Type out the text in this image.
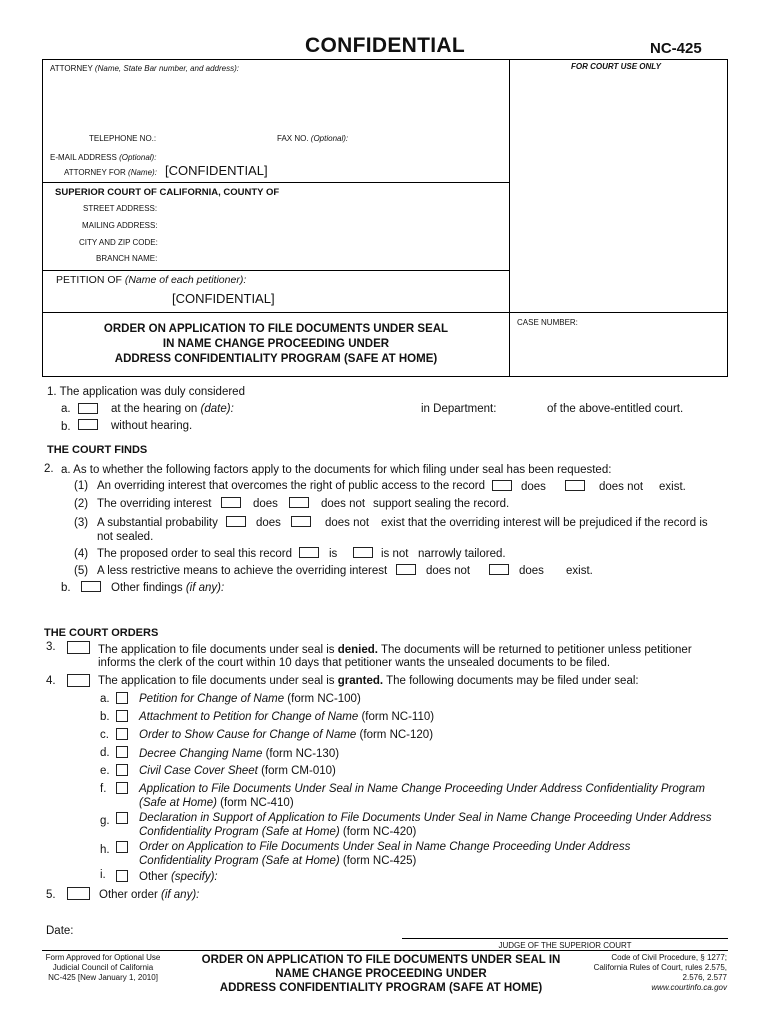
CONFIDENTIAL	NC-425
FOR COURT USE ONLY
ATTORNEY (Name, State Bar number, and address):
TELEPHONE NO.:	FAX NO. (Optional):
E-MAIL ADDRESS (Optional):
ATTORNEY FOR (Name): [CONFIDENTIAL]
SUPERIOR COURT OF CALIFORNIA, COUNTY OF
STREET ADDRESS:
MAILING ADDRESS:
CITY AND ZIP CODE:
BRANCH NAME:
PETITION OF (Name of each petitioner):
[CONFIDENTIAL]
ORDER ON APPLICATION TO FILE DOCUMENTS UNDER SEAL
IN NAME CHANGE PROCEEDING UNDER
ADDRESS CONFIDENTIALITY PROGRAM (SAFE AT HOME)
CASE NUMBER:
1. The application was duly considered
a.	at the hearing on (date):	in Department:	of the above-entitled court.
b.	without hearing.
THE COURT FINDS
2. a. As to whether the following factors apply to the documents for which filing under seal has been requested:
(1) An overriding interest that overcomes the right of public access to the record	does	does not exist.
(2) The overriding interest	does	does not support sealing the record.
(3) A substantial probability	does	does not exist that the overriding interest will be prejudiced if the record is
not sealed.
(4) The proposed order to seal this record	is	is not narrowly tailored.
(5) A less restrictive means to achieve the overriding interest	does not	does exist.
b.	Other findings (if any):
THE COURT ORDERS
3.	The application to file documents under seal is denied. The documents will be returned to petitioner unless petitioner
informs the clerk of the court within 10 days that petitioner wants the unsealed documents to be filed.
4.	The application to file documents under seal is granted. The following documents may be filed under seal:
a.	Petition for Change of Name (form NC-100)
b.	Attachment to Petition for Change of Name (form NC-110)
c.	Order to Show Cause for Change of Name (form NC-120)
d.	Decree Changing Name (form NC-130)
e.	Civil Case Cover Sheet (form CM-010)
f.	Application to File Documents Under Seal in Name Change Proceeding Under Address Confidentiality Program
(Safe at Home) (form NC-410)
g.	Declaration in Support of Application to File Documents Under Seal in Name Change Proceeding Under Address
Confidentiality Program (Safe at Home) (form NC-420)
h.	Order on Application to File Documents Under Seal in Name Change Proceeding Under Address
Confidentiality Program (Safe at Home) (form NC-425)
i.	Other (specify):
5.	Other order (if any):
Date:
JUDGE OF THE SUPERIOR COURT
Form Approved for Optional Use
Judicial Council of California
NC-425 [New January 1, 2010]
ORDER ON APPLICATION TO FILE DOCUMENTS UNDER SEAL IN
NAME CHANGE PROCEEDING UNDER
ADDRESS CONFIDENTIALITY PROGRAM (SAFE AT HOME)
Code of Civil Procedure, § 1277;
California Rules of Court, rules 2.575,
2.576, 2.577
www.courtinfo.ca.gov
